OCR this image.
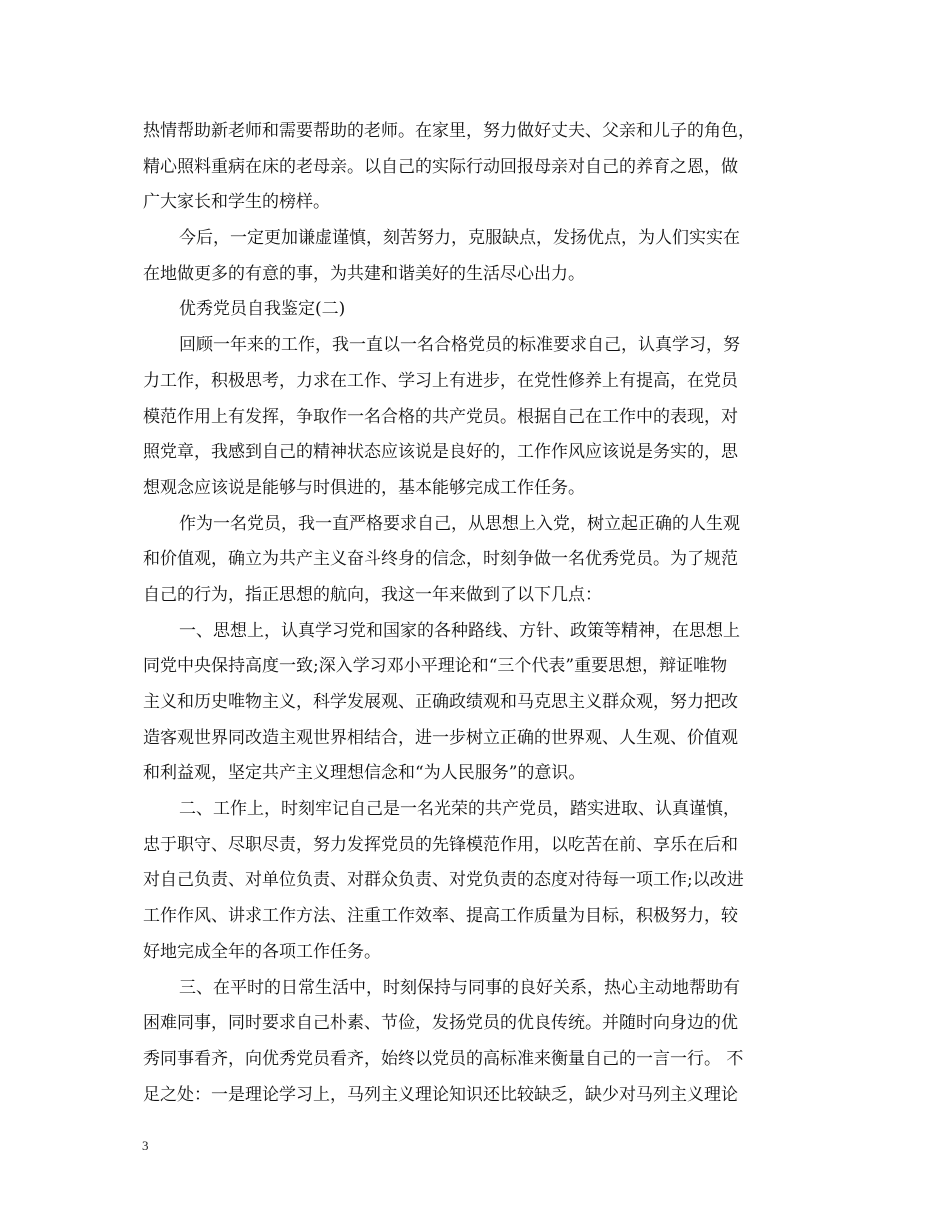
热情帮助新老师和需要帮助的老师。在家里，努力做好丈夫、父亲和儿子的角色，
精心照料重病在床的老母亲。以自己的实际行动回报母亲对自己的养育之恩，做
广大家长和学生的榜样。
今后，一定更加谦虚谨慎，刻苦努力，克服缺点，发扬优点，为人们实实在
在地做更多的有意的事，为共建和谐美好的生活尽心出力。
优秀党员自我鉴定(二)
回顾一年来的工作，我一直以一名合格党员的标准要求自己，认真学习，努
力工作，积极思考，力求在工作、学习上有进步，在党性修养上有提高，在党员
模范作用上有发挥，争取作一名合格的共产党员。根据自己在工作中的表现，对
照党章，我感到自己的精神状态应该说是良好的，工作作风应该说是务实的，思
想观念应该说是能够与时俱进的，基本能够完成工作任务。
作为一名党员，我一直严格要求自己，从思想上入党，树立起正确的人生观
和价值观，确立为共产主义奋斗终身的信念，时刻争做一名优秀党员。为了规范
自己的行为，指正思想的航向，我这一年来做到了以下几点：
一、思想上，认真学习党和国家的各种路线、方针、政策等精神，在思想上
同党中央保持高度一致;深入学习邓小平理论和“三个代表”重要思想，辩证唯物
主义和历史唯物主义，科学发展观、正确政绩观和马克思主义群众观，努力把改
造客观世界同改造主观世界相结合，进一步树立正确的世界观、人生观、价值观
和利益观，坚定共产主义理想信念和“为人民服务”的意识。
二、工作上，时刻牢记自己是一名光荣的共产党员，踏实进取、认真谨慎，
忠于职守、尽职尽责，努力发挥党员的先锋模范作用，以吃苦在前、享乐在后和
对自己负责、对单位负责、对群众负责、对党负责的态度对待每一项工作;以改进
工作作风、讲求工作方法、注重工作效率、提高工作质量为目标，积极努力，较
好地完成全年的各项工作任务。
三、在平时的日常生活中，时刻保持与同事的良好关系，热心主动地帮助有
困难同事，同时要求自己朴素、节俭，发扬党员的优良传统。并随时向身边的优
秀同事看齐，向优秀党员看齐，始终以党员的高标准来衡量自己的一言一行。 不
足之处：一是理论学习上，马列主义理论知识还比较缺乏，缺少对马列主义理论
3
